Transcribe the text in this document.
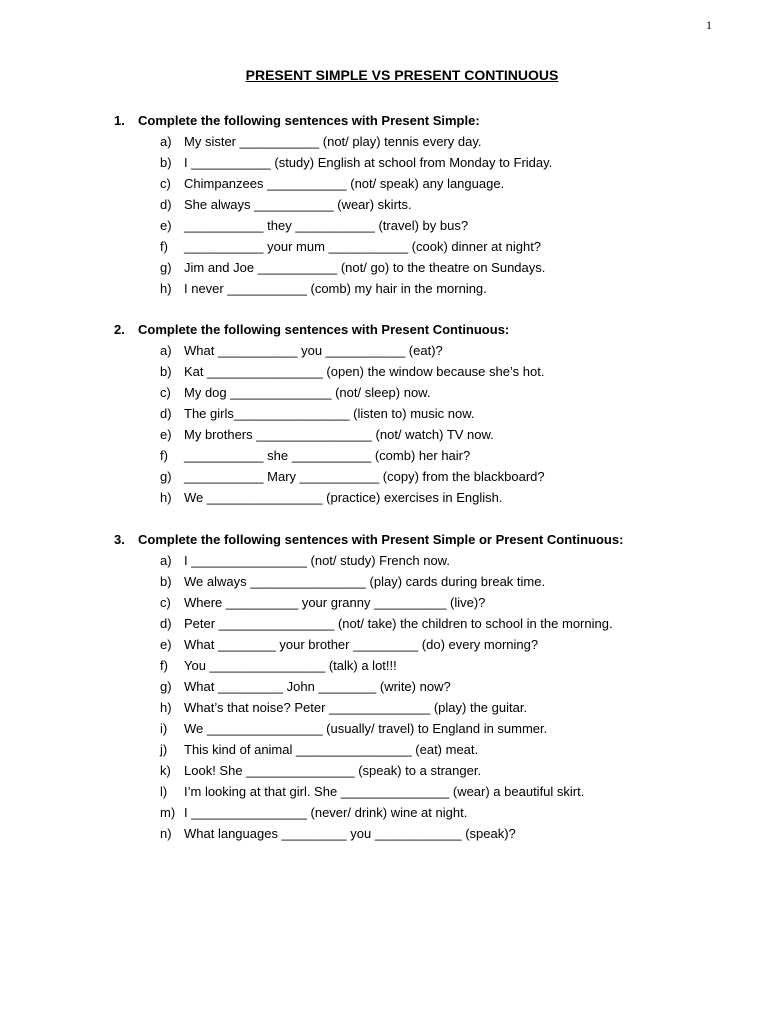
1
PRESENT SIMPLE VS PRESENT CONTINUOUS
1. Complete the following sentences with Present Simple:
a) My sister ___________ (not/ play) tennis every day.
b) I ___________ (study) English at school from Monday to Friday.
c) Chimpanzees ___________ (not/ speak) any language.
d) She always ___________ (wear) skirts.
e) ___________ they ___________ (travel) by bus?
f) ___________ your mum ___________ (cook) dinner at night?
g) Jim and Joe ___________ (not/ go) to the theatre on Sundays.
h) I never ___________ (comb) my hair in the morning.
2. Complete the following sentences with Present Continuous:
a) What ___________ you ___________ (eat)?
b) Kat ________________ (open) the window because she’s hot.
c) My dog ______________ (not/ sleep) now.
d) The girls________________ (listen to) music now.
e) My brothers ________________ (not/ watch) TV now.
f) ___________ she ___________ (comb) her hair?
g) ___________ Mary ___________ (copy) from the blackboard?
h) We ________________ (practice) exercises in English.
3. Complete the following sentences with Present Simple or Present Continuous:
a) I ________________ (not/ study) French now.
b) We always ________________ (play) cards during break time.
c) Where __________ your granny __________ (live)?
d) Peter ________________ (not/ take) the children to school in the morning.
e) What ________ your brother _________ (do) every morning?
f) You ________________ (talk) a lot!!!
g) What _________ John ________ (write) now?
h) What’s that noise? Peter ______________ (play) the guitar.
i) We ________________ (usually/ travel) to England in summer.
j) This kind of animal ________________ (eat) meat.
k) Look! She _______________ (speak) to a stranger.
l) I’m looking at that girl. She _______________ (wear) a beautiful skirt.
m) I ________________ (never/ drink) wine at night.
n) What languages _________ you ____________ (speak)?
